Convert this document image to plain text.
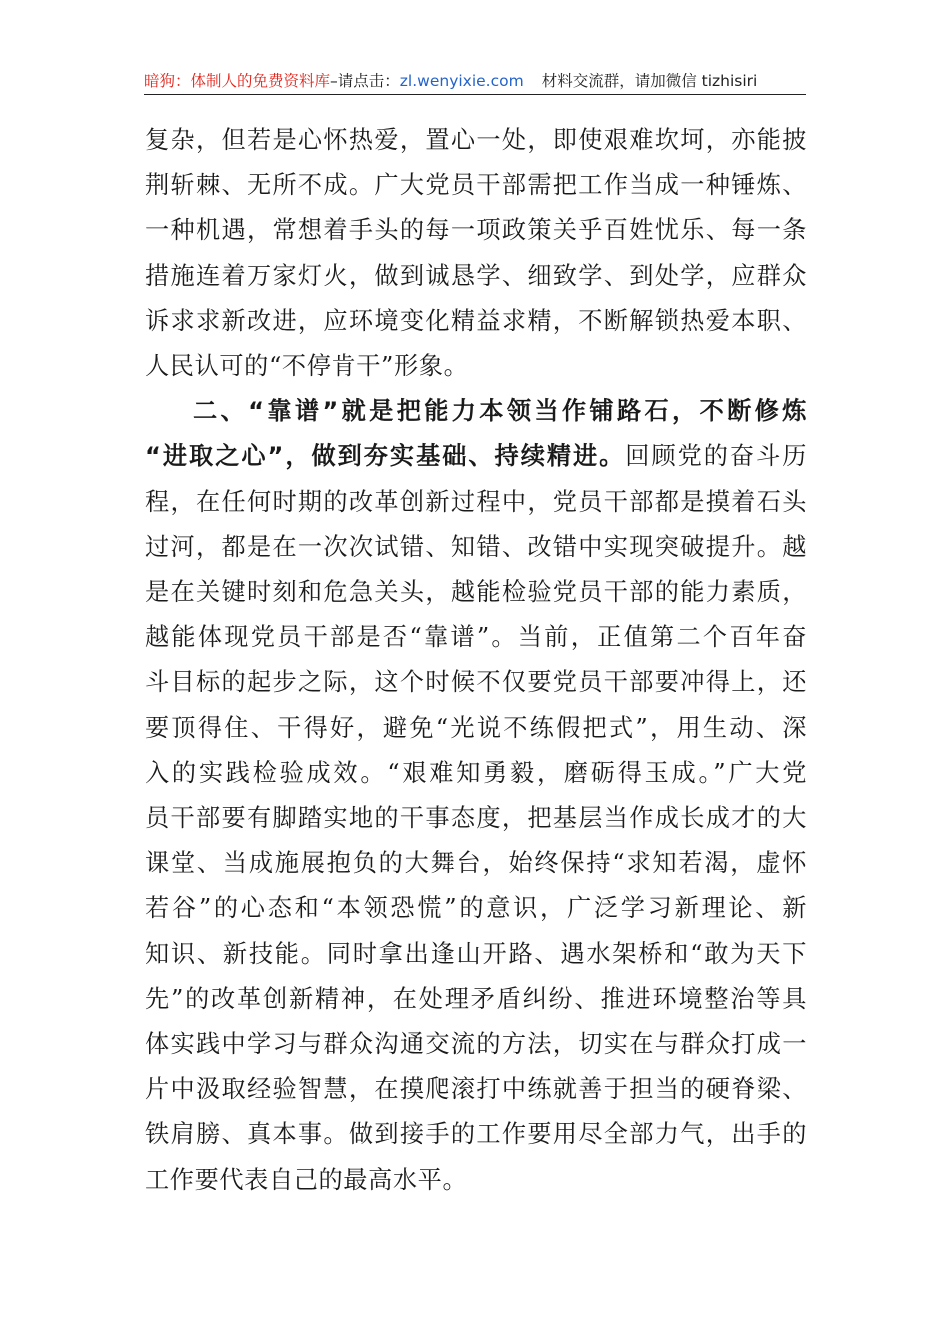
暗狗：体制人的免费资料库–请点击：zl.wenyixie.com 材料交流群，请加微信 tizhisiri
复杂，但若是心怀热爱，置心一处，即使艰难坎坷，亦能披
荆斩棘、无所不成。广大党员干部需把工作当成一种锤炼、
一种机遇，常想着手头的每一项政策关乎百姓忧乐、每一条
措施连着万家灯火，做到诚恳学、细致学、到处学，应群众
诉求求新改进，应环境变化精益求精，不断解锁热爱本职、
人民认可的“不停肯干”形象。
二、“靠谱”就是把能力本领当作铺路石，不断修炼
“进取之心”，做到夯实基础、持续精进。回顾党的奋斗历
程，在任何时期的改革创新过程中，党员干部都是摸着石头
过河，都是在一次次试错、知错、改错中实现突破提升。越
是在关键时刻和危急关头，越能检验党员干部的能力素质，
越能体现党员干部是否“靠谱”。当前，正值第二个百年奋
斗目标的起步之际，这个时候不仅要党员干部要冲得上，还
要顶得住、干得好，避免“光说不练假把式”，用生动、深
入的实践检验成效。“艰难知勇毅，磨砺得玉成。”广大党
员干部要有脚踏实地的干事态度，把基层当作成长成才的大
课堂、当成施展抱负的大舞台，始终保持“求知若渴，虚怀
若谷”的心态和“本领恐慌”的意识，广泛学习新理论、新
知识、新技能。同时拿出逢山开路、遇水架桥和“敢为天下
先”的改革创新精神，在处理矛盾纠纷、推进环境整治等具
体实践中学习与群众沟通交流的方法，切实在与群众打成一
片中汲取经验智慧，在摸爬滚打中练就善于担当的硬脊梁、
铁肩膀、真本事。做到接手的工作要用尽全部力气，出手的
工作要代表自己的最高水平。
